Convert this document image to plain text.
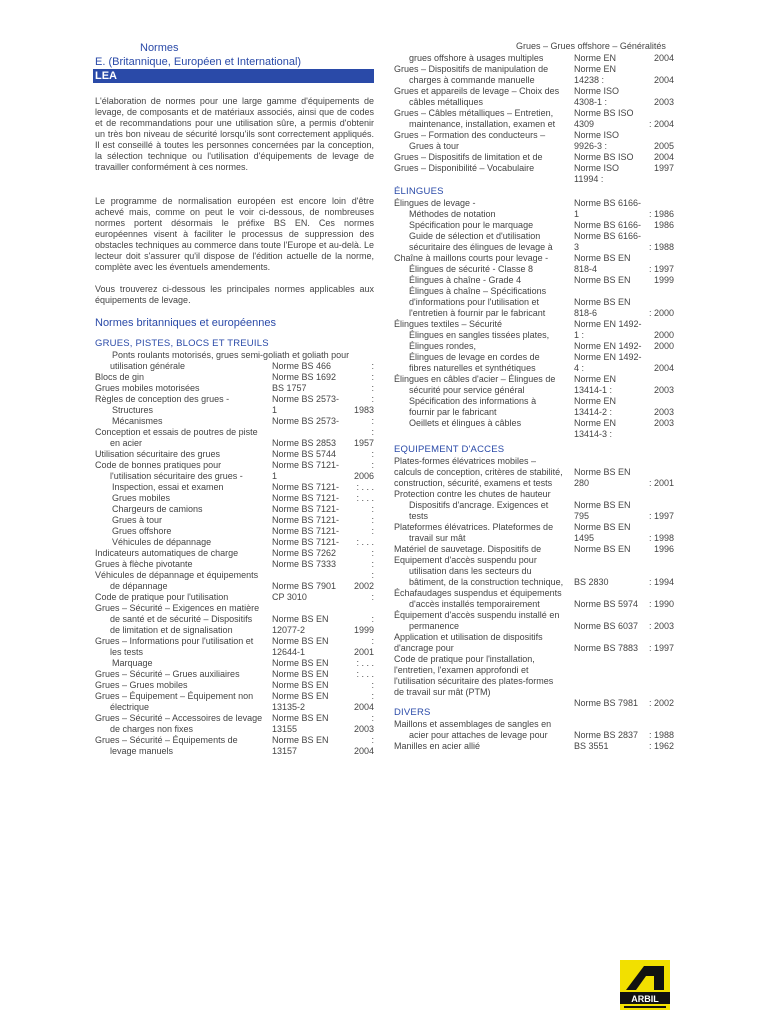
Normes
E. (Britannique, Européen et International)
LEA
L'élaboration de normes pour une large gamme d'équipements de levage, de composants et de matériaux associés, ainsi que de codes et de recommandations pour une utilisation sûre, a permis d'obtenir un très bon niveau de sécurité lorsqu'ils sont correctement appliqués. Il est conseillé à toutes les personnes concernées par la conception, la sélection technique ou l'utilisation d'équipements de levage de travailler conformément à ces normes.
Le programme de normalisation européen est encore loin d'être achevé mais, comme on peut le voir ci-dessous, de nombreuses normes portent désormais le préfixe BS EN. Ces normes européennes visent à faciliter le processus de suppression des obstacles techniques au commerce dans toute l'Europe et au-delà. Le lecteur doit s'assurer qu'il dispose de l'édition actuelle de la norme, complète avec les éventuels amendements.
Vous trouverez ci-dessous les principales normes applicables aux équipements de levage.
Normes britanniques et européennes
GRUES, PISTES, BLOCS ET TREUILS
Ponts roulants motorisés, grues semi-goliath et goliath pour
utilisation générale	Norme BS 466	:
Blocs de gin	Norme BS 1692	:
Grues mobiles motorisées	BS 1757	:
Règles de conception des grues -	Norme BS 2573-	:
Structures	1	1983
Mécanismes	Norme BS 2573-	:
Conception et essais de poutres de piste	:
en acier	Norme BS 2853	1957
Utilisation sécuritaire des grues	Norme BS 5744	:
Code de bonnes pratiques pour	Norme BS 7121-	:
l'utilisation sécuritaire des grues -	1	2006
Inspection, essai et examen	Norme BS 7121-	: . . .
Grues mobiles	Norme BS 7121-	: . . .
Chargeurs de camions	Norme BS 7121-	:
Grues à tour	Norme BS 7121-	:
Grues offshore	Norme BS 7121-	:
Véhicules de dépannage	Norme BS 7121-	: . . .
Indicateurs automatiques de charge	Norme BS 7262	:
Grues à flèche pivotante	Norme BS 7333	:
Véhicules de dépannage et équipements	:
de dépannage	Norme BS 7901	2002
Code de pratique pour l'utilisation	CP 3010	:
Grues – Sécurité – Exigences en matière
de santé et de sécurité – Dispositifs	Norme BS EN	:
de limitation et de signalisation	12077-2	1999
Grues – Informations pour l'utilisation et	Norme BS EN	:
les tests	12644-1	2001
Marquage	Norme BS EN	: . . .
Grues – Sécurité – Grues auxiliaires	Norme BS EN	: . . .
Grues – Grues mobiles	Norme BS EN	:
Grues – Équipement – Équipement non	Norme BS EN	:
électrique	13135-2	2004
Grues – Sécurité – Accessoires de levage	Norme BS EN	:
de charges non fixes	13155	2003
Grues – Sécurité – Équipements de	Norme BS EN	:
levage manuels	13157	2004
Grues – Grues offshore – Généralités
grues offshore à usages multiples	Norme EN	2004
Grues – Dispositifs de manipulation de	Norme EN
charges à commande manuelle	14238 :	2004
Grues et appareils de levage – Choix des	Norme ISO
câbles métalliques	4308-1 :	2003
Grues – Câbles métalliques – Entretien,	Norme BS ISO
maintenance, installation, examen et	4309	: 2004
Grues – Formation des conducteurs –	Norme ISO
Grues à tour	9926-3 :	2005
Grues – Dispositifs de limitation et de	Norme BS ISO	2004
Grues – Disponibilité – Vocabulaire	Norme ISO	1997
11994 :
ÉLINGUES
Élingues de levage -	Norme BS 6166-
Méthodes de notation	1	: 1986
Spécification pour le marquage	Norme BS 6166-	1986
Guide de sélection et d'utilisation	Norme BS 6166-
sécuritaire des élingues de levage à	3	: 1988
Chaîne à maillons courts pour levage -	Norme BS EN
Élingues de sécurité - Classe 8	818-4	: 1997
Élingues à chaîne - Grade 4	Norme BS EN	1999
Élingues à chaîne – Spécifications
d'informations pour l'utilisation et	Norme BS EN
l'entretien à fournir par le fabricant	818-6	: 2000
Élingues textiles – Sécurité	Norme EN 1492-
Élingues en sangles tissées plates,	1 :	2000
Élingues rondes,	Norme EN 1492-	2000
Élingues de levage en cordes de	Norme EN 1492-
fibres naturelles et synthétiques	4 :	2004
Élingues en câbles d'acier – Élingues de	Norme EN
sécurité pour service général	13414-1 :	2003
Spécification des informations à	Norme EN
fournir par le fabricant	13414-2 :	2003
Oeillets et élingues à câbles	Norme EN	2003
13414-3 :
EQUIPEMENT D'ACCES
Plates-formes élévatrices mobiles –
calculs de conception, critères de stabilité,	Norme BS EN
construction, sécurité, examens et tests	280	: 2001
Protection contre les chutes de hauteur
Dispositifs d'ancrage. Exigences et	Norme BS EN
tests	795	: 1997
Plateformes élévatrices. Plateformes de	Norme BS EN
travail sur mât	1495	: 1998
Matériel de sauvetage. Dispositifs de	Norme BS EN	1996
Equipement d'accès suspendu pour
utilisation dans les secteurs du
bâtiment, de la construction technique,	BS 2830	: 1994
Échafaudages suspendus et équipements
d'accès installés temporairement	Norme BS 5974	: 1990
Équipement d'accès suspendu installé en
permanence	Norme BS 6037	: 2003
Application et utilisation de dispositifs
d'ancrage pour	Norme BS 7883	: 1997
Code de pratique pour l'installation,
l'entretien, l'examen approfondi et
l'utilisation sécuritaire des plates-formes
de travail sur mât (PTM)
Norme BS 7981	: 2002
DIVERS
Maillons et assemblages de sangles en
acier pour attaches de levage pour	Norme BS 2837	: 1988
Manilles en acier allié	BS 3551	: 1962
ARBIL
